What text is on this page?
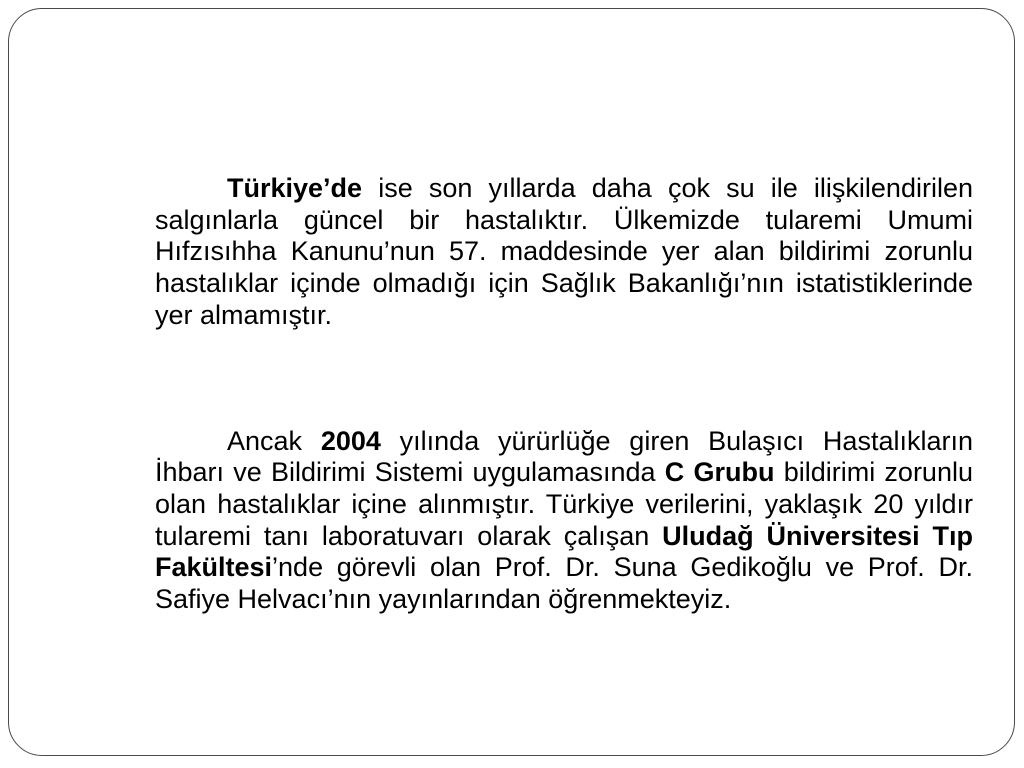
Türkiye’de ise son yıllarda daha çok su ile ilişkilendirilen salgınlarla güncel bir hastalıktır. Ülkemizde tularemi Umumi Hıfzısıhha Kanunu’nun 57. maddesinde yer alan bildirimi zorunlu hastalıklar içinde olmadığı için Sağlık Bakanlığı’nın istatistiklerinde yer almamıştır.

Ancak 2004 yılında yürürlüğe giren Bulaşıcı Hastalıkların İhbarı ve Bildirimi Sistemi uygulamasında C Grubu bildirimi zorunlu olan hastalıklar içine alınmıştır. Türkiye verilerini, yaklaşık 20 yıldır tularemi tanı laboratuvarı olarak çalışan Uludağ Üniversitesi Tıp Fakültesi’nde görevli olan Prof. Dr. Suna Gedikoğlu ve Prof. Dr. Safiye Helvacı’nın yayınlarından öğrenmekteyiz.
